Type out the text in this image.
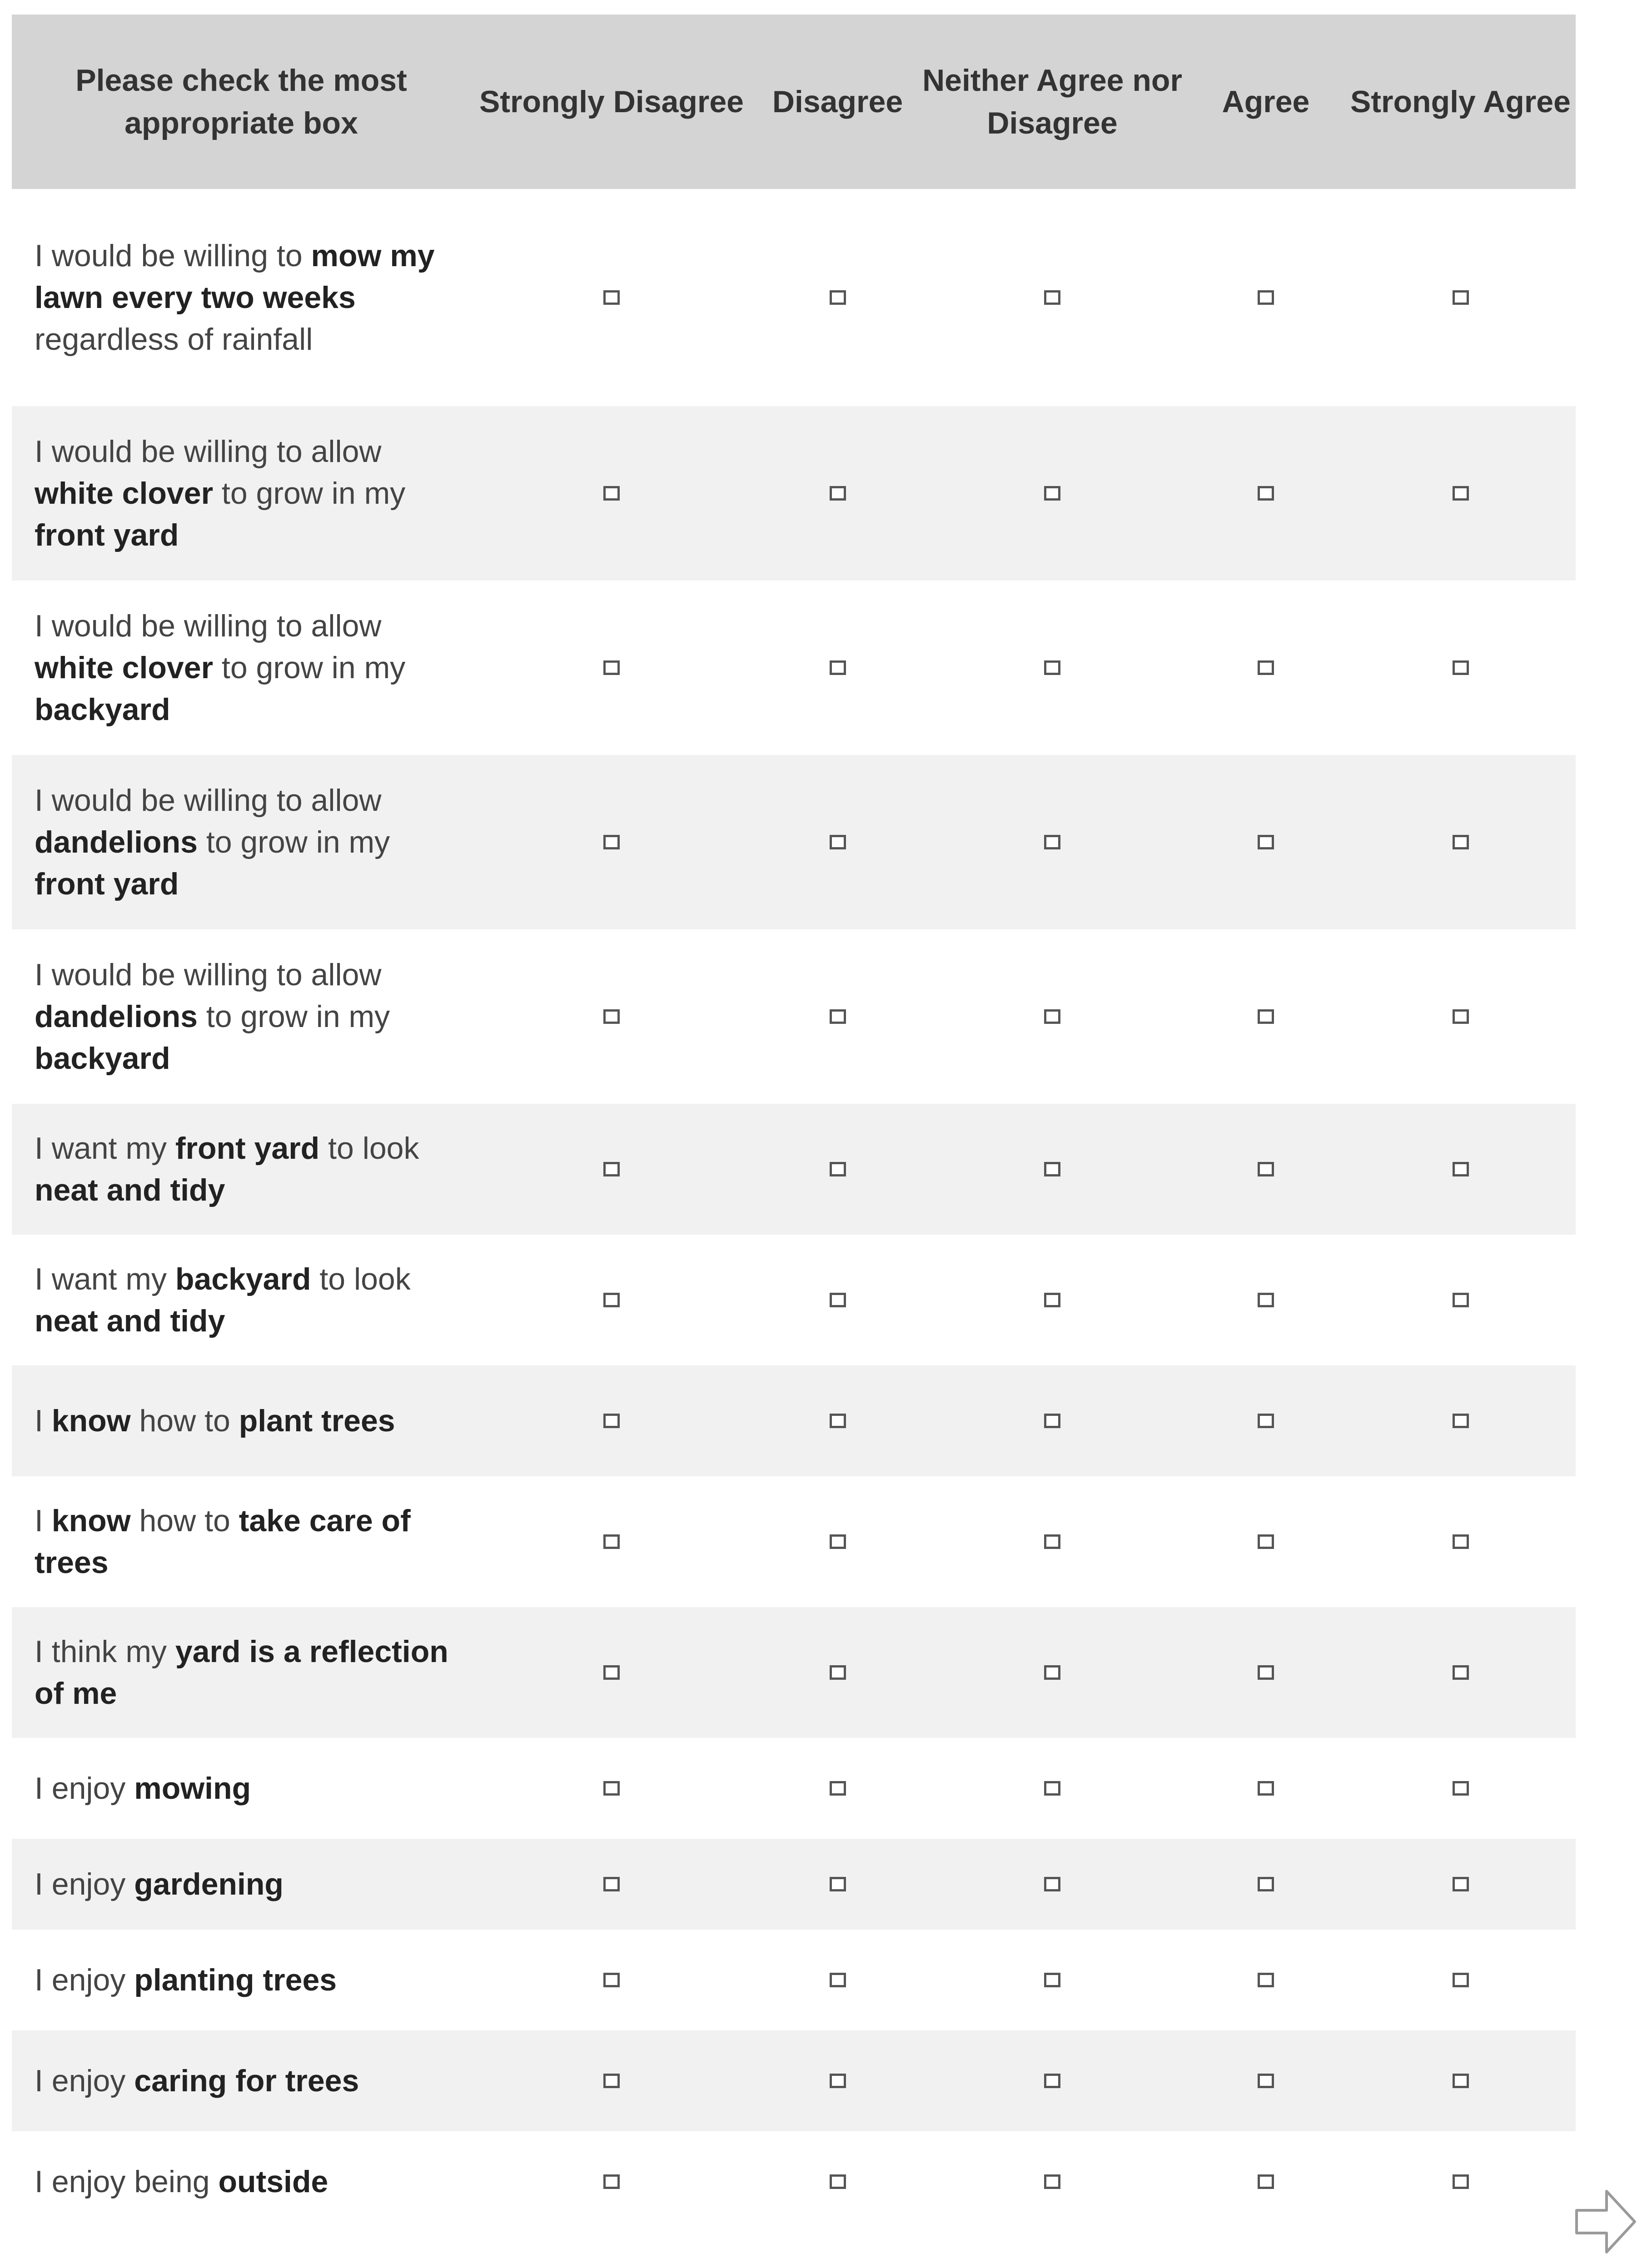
Please check the most appropriate box
Strongly Disagree Disagree
Neither Agree nor Disagree
Agree	Strongly Agree
I would be willing to mow my lawn every two weeks regardless of rainfall
I would be willing to allow white clover to grow in my front yard
I would be willing to allow white clover to grow in my backyard
I would be willing to allow dandelions to grow in my front yard
I would be willing to allow dandelions to grow in my backyard
I want my front yard to look neat and tidy
I want my backyard to look neat and tidy
I know how to plant trees
I know how to take care of trees
I think my yard is a reflection of me
I enjoy mowing
I enjoy gardening
I enjoy planting trees
I enjoy caring for trees
I enjoy being outside
